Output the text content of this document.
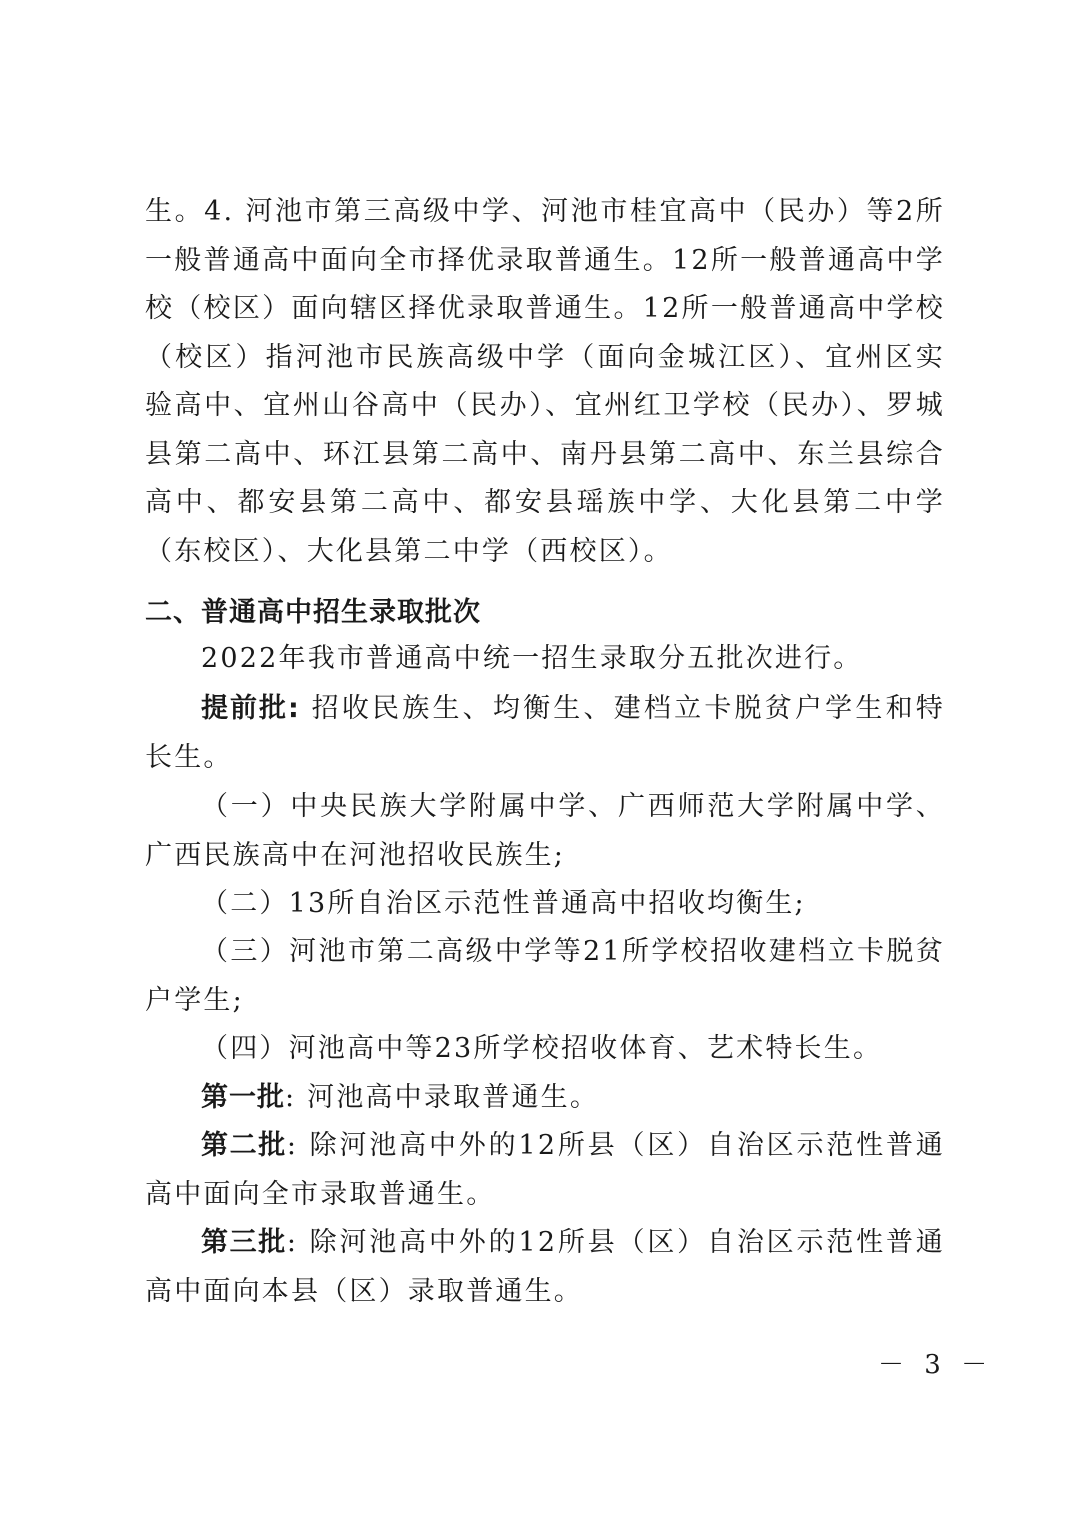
生。4. 河池市第三高级中学、河池市桂宜高中（民办）等2所一般普通高中面向全市择优录取普通生。12所一般普通高中学校（校区）面向辖区择优录取普通生。12所一般普通高中学校（校区）指河池市民族高级中学（面向金城江区）、宜州区实验高中、宜州山谷高中（民办）、宜州红卫学校（民办）、罗城县第二高中、环江县第二高中、南丹县第二高中、东兰县综合高中、都安县第二高中、都安县瑶族中学、大化县第二中学（东校区）、大化县第二中学（西校区）。

二、普通高中招生录取批次

2022年我市普通高中统一招生录取分五批次进行。

提前批: 招收民族生、均衡生、建档立卡脱贫户学生和特长生。

（一）中央民族大学附属中学、广西师范大学附属中学、广西民族高中在河池招收民族生;

（二）13所自治区示范性普通高中招收均衡生;

（三）河池市第二高级中学等21所学校招收建档立卡脱贫户学生;

（四）河池高中等23所学校招收体育、艺术特长生。

第一批: 河池高中录取普通生。

第二批: 除河池高中外的12所县（区）自治区示范性普通高中面向全市录取普通生。

第三批: 除河池高中外的12所县（区）自治区示范性普通高中面向本县（区）录取普通生。

－ 3 －
